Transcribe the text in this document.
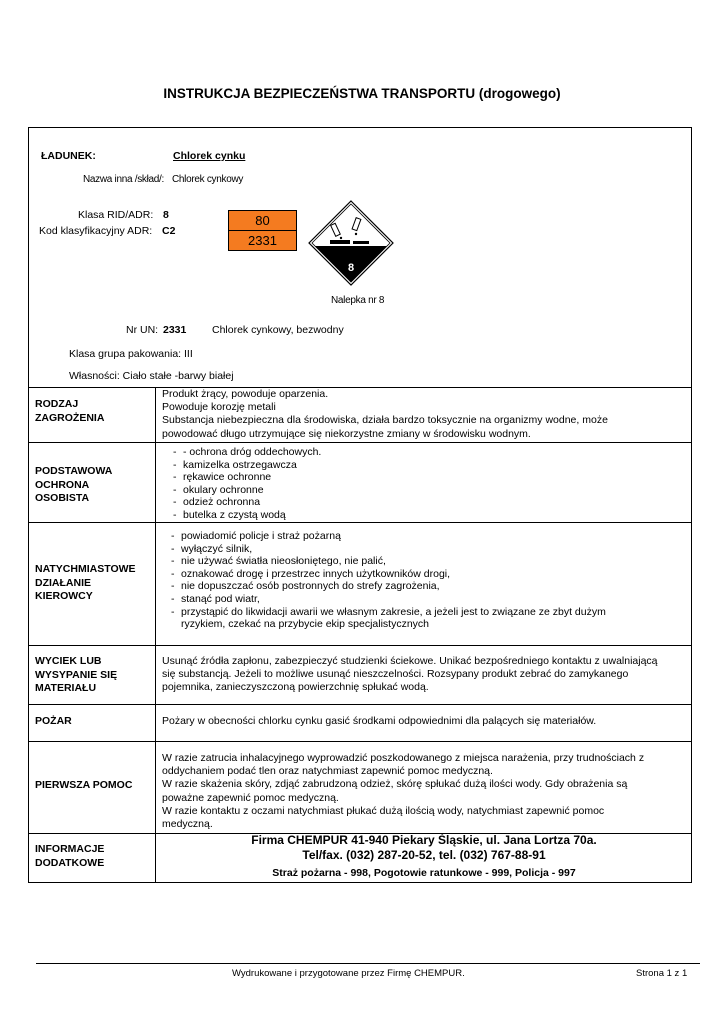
INSTRUKCJA BEZPIECZEŃSTWA TRANSPORTU (drogowego)
ŁADUNEK:	Chlorek cynku
Nazwa inna /skład/: Chlorek cynkowy
Klasa RID/ADR: 8
Kod klasyfikacyjny ADR: C2
80
2331
8
Nalepka nr 8
Nr UN: 2331 Chlorek cynkowy, bezwodny
Klasa grupa pakowania: III
Własności: Ciało stałe -barwy białej
RODZAJ
ZAGROŻENIA
Produkt żrący, powoduje oparzenia.
Powoduje korozję metali
Substancja niebezpieczna dla środowiska, działa bardzo toksycznie na organizmy wodne, może
powodować długo utrzymujące się niekorzystne zmiany w środowisku wodnym.
PODSTAWOWA
OCHRONA
OSOBISTA
- - ochrona dróg oddechowych.
- kamizelka ostrzegawcza
- rękawice ochronne
- okulary ochronne
- odzież ochronna
- butelka z czystą wodą
NATYCHMIASTOWE
DZIAŁANIE
KIEROWCY
- powiadomić policje i straż pożarną
- wyłączyć silnik,
- nie używać światła nieosłoniętego, nie palić,
- oznakować drogę i przestrzec innych użytkowników drogi,
- nie dopuszczać osób postronnych do strefy zagrożenia,
- stanąć pod wiatr,
- przystąpić do likwidacji awarii we własnym zakresie, a jeżeli jest to związane ze zbyt dużym
ryzykiem, czekać na przybycie ekip specjalistycznych
WYCIEK LUB
WYSYPANIE SIĘ
MATERIAŁU
Usunąć źródła zapłonu, zabezpieczyć studzienki ściekowe. Unikać bezpośredniego kontaktu z uwalniającą
się substancją. Jeżeli to możliwe usunąć nieszczelności. Rozsypany produkt zebrać do zamykanego
pojemnika, zanieczyszczoną powierzchnię spłukać wodą.
POŻAR	Pożary w obecności chlorku cynku gasić środkami odpowiednimi dla palących się materiałów.
PIERWSZA POMOC
W razie zatrucia inhalacyjnego wyprowadzić poszkodowanego z miejsca narażenia, przy trudnościach z
oddychaniem podać tlen oraz natychmiast zapewnić pomoc medyczną.
W razie skażenia skóry, zdjąć zabrudzoną odzież, skórę spłukać dużą ilości wody. Gdy obrażenia są
poważne zapewnić pomoc medyczną.
W razie kontaktu z oczami natychmiast płukać dużą ilością wody, natychmiast zapewnić pomoc
medyczną.
INFORMACJE
DODATKOWE
Firma CHEMPUR 41-940 Piekary Śląskie, ul. Jana Lortza 70a.
Tel/fax. (032) 287-20-52, tel. (032) 767-88-91
Straż pożarna - 998, Pogotowie ratunkowe - 999, Policja - 997
Wydrukowane i przygotowane przez Firmę CHEMPUR.	Strona 1 z 1
